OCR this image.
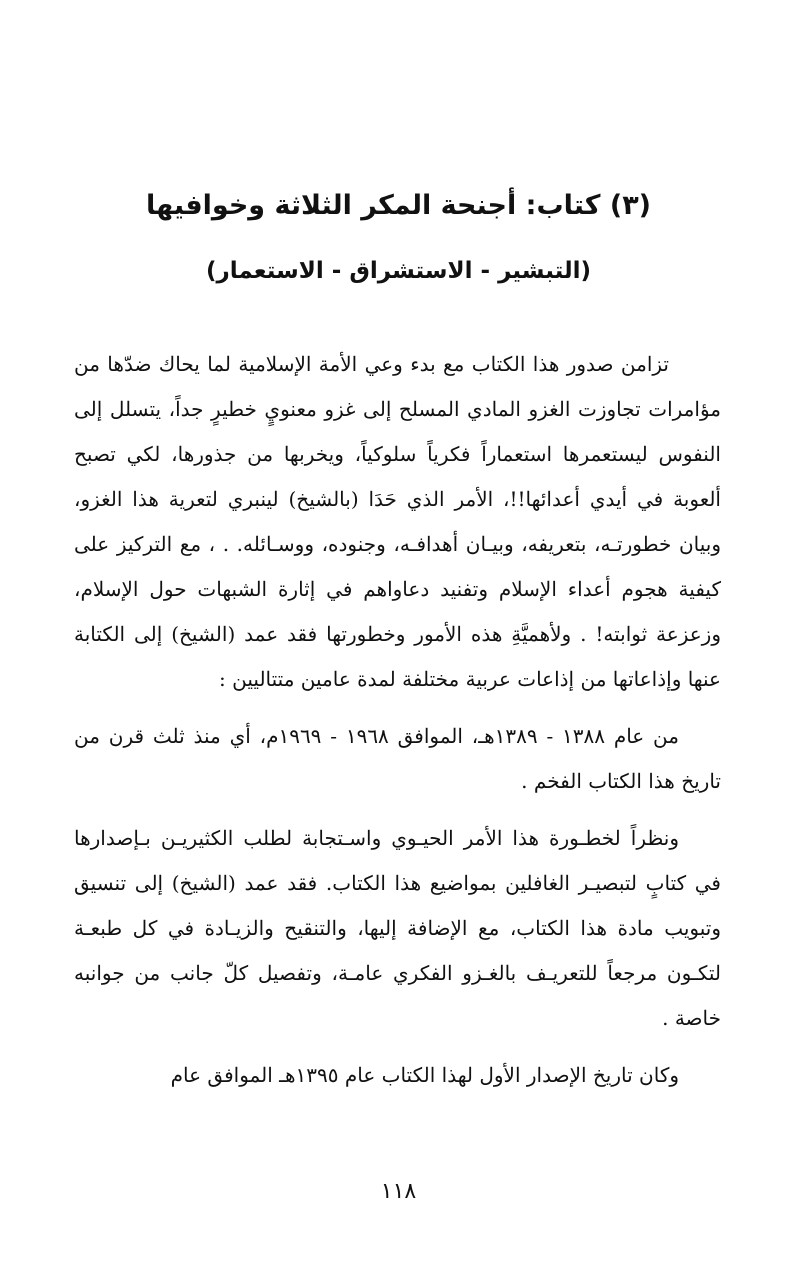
(٣) كتاب: أجنحة المكر الثلاثة وخوافيها
(التبشير - الاستشراق - الاستعمار)

تزامن صدور هذا الكتاب مع بدء وعي الأمة الإسلامية لما يحاك ضدّها من مؤامرات تجاوزت الغزو المادي المسلح إلى غزو معنويٍ خطيرٍ جداً، يتسلل إلى النفوس ليستعمرها استعماراً فكرياً سلوكياً، ويخربها من جذورها، لكي تصبح ألعوبة في أيدي أعدائها!!، الأمر الذي حَدَا (بالشيخ) لينبري لتعرية هذا الغزو، وبيان خطورتـه، بتعريفه، وبيـان أهدافـه، وجنوده، ووسـائله. . ، مع التركيز على كيفية هجوم أعداء الإسلام وتفنيد دعاواهم في إثارة الشبهات حول الإسلام، وزعزعة ثوابته! . ولأهميَّةِ هذه الأمور وخطورتها فقد عمد (الشيخ) إلى الكتابة عنها وإذاعاتها من إذاعات عربية مختلفة لمدة عامين متتاليين :

من عام ١٣٨٨ - ١٣٨٩هـ، الموافق ١٩٦٨ - ١٩٦٩م، أي منذ ثلث قرن من تاريخ هذا الكتاب الفخم .

ونظراً لخطـورة هذا الأمر الحيـوي واسـتجابة لطلب الكثيريـن بـإصدارها في كتابٍ لتبصيـر الغافلين بمواضيع هذا الكتاب. فقد عمد (الشيخ) إلى تنسيق وتبويب مادة هذا الكتاب، مع الإضافة إليها، والتنقيح والزيـادة في كل طبعـة لتكـون مرجعاً للتعريـف بالغـزو الفكري عامـة، وتفصيل كلّ جانب من جوانبه خاصة .

وكان تاريخ الإصدار الأول لهذا الكتاب عام ١٣٩٥هـ الموافق عام

١١٨
